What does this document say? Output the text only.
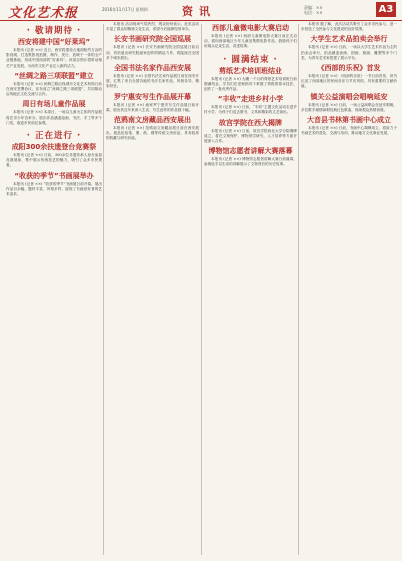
文化艺术报	2016年11月17日 星期四	资讯	责编：××
电话：××	A3
· 敬请期待 ·
西安将建中国“好莱坞”

本报讯 (记者 ××) 近日，西安将建设占地面积约万亩的影视城，打造集影视拍摄、制作、发行、放映于一体的全产业链基地，形成中国西部的“好莱坞”。该项目预计将带动相关产业发展，为西安文化产业注入新的活力。

“丝绸之路三项联盟”建立

本报讯 (记者 ××) 丝绸之路沿线城市文化艺术机构日前在西安签署协议，宣布成立“丝绸之路三项联盟”，共同推动沿线地区文化交流与合作。

周日有场儿童作品展

本报讯 (记者 ××) 本周日，一场以儿童为主体的作品展将在市少年宫举办，展出作品涵盖绘画、书法、手工等多个门类，欢迎市民前往参观。

· 正在进行 ·
成阳300余扶遗登台竞赛祭

本报讯 (记者 ××) 日前，300余位非遗传承人登台参加竞赛展演，集中展示传统技艺的魅力，吸引了众多市民观看。

“收获的季节”书画展举办

本报讯 (记者 ××) “收获的季节”书画展日前开幕，展出作品百余幅，题材丰富、风格多样，展现了书画爱好者的艺术追求。

本报讯 活动现场气氛热烈，观众纷纷表示，此类活动丰富了群众的精神文化生活，希望今后能够经常举办。

长安书画研究院全国巡展

本报讯 (记者 ××) 长安书画研究院全国巡展日前启动，首站展出研究院画家创作的精品力作，将陆续在全国多个城市展出。

全国书法名家作品西安展

本报讯 (记者 ××) 全国书法名家作品展日前在西安开展，汇集了来自全国各地的书法名家作品，风格各异、精彩纷呈。

罗宁惠安写生作品展开幕

本报讯 (记者 ××) 画家罗宁惠安写生作品展日前开幕，展出其近年来深入生活、写生创作的作品数十幅。

范鸦南文房藏品西安展出

本报讯 (记者 ××) 范鸦南文房藏品展日前在西安展出，展品包括笔、墨、纸、砚等传统文房用品，具有较高的收藏与研究价值。

西部儿童微电影大赛启动

本报讯 (记者 ××) 西部儿童微电影大赛日前正式启动，面向西部地区少年儿童征集微电影作品，鼓励孩子们用镜头记录生活、讲述故事。

· 圆满结束 ·
剪纸艺术培训班结业

本报讯 (记者 ××) 为期一个月的剪纸艺术培训班日前圆满结业，学员们在老师指导下掌握了剪纸的基本技法，创作了一批优秀作品。

“丰收”走进乡村小学

本报讯 (记者 ××) 日前，“丰收”主题文化活动走进乡村小学，为孩子们送去图书、文具和精彩的文艺演出。

故宫学院在西大揭牌

本报讯 (记者 ××) 日前，故宫学院西北大学分院揭牌成立，将在文物保护、博物馆学研究、人才培养等方面开展深入合作。

博物馆志愿者讲解大赛落幕

本报讯 (记者 ××) 博物馆志愿者讲解大赛日前落幕，参赛选手以生动的讲解展示了文物背后的历史故事。

本报讯 据了解，此次活动共吸引了众多市民参与，进一步营造了全民参与文化建设的良好氛围。

大学生艺术品拍卖会举行

本报讯 (记者 ××) 日前，一场以大学生艺术作品为主的拍卖会举行，拍品涵盖油画、国画、版画、雕塑等多个门类，为青年艺术家搭建了展示平台。

《西部的乐祝》首发

本报讯 (记者 ××) 《西部的乐祝》一书日前首发，该书记录了西部地区的民间音乐与节庆风俗，具有重要的文献价值。

镇关公益演唱会唱响延安

本报讯 (记者 ××) 日前，一场公益演唱会在延安唱响，多位歌手倾情演唱经典红色歌曲，现场观众热情高涨。

大音县书林第书画中心成立

本报讯 (记者 ××) 日前，书画中心揭牌成立，将致力于书画艺术的普及、交流与培训，推动地方文化事业发展。
